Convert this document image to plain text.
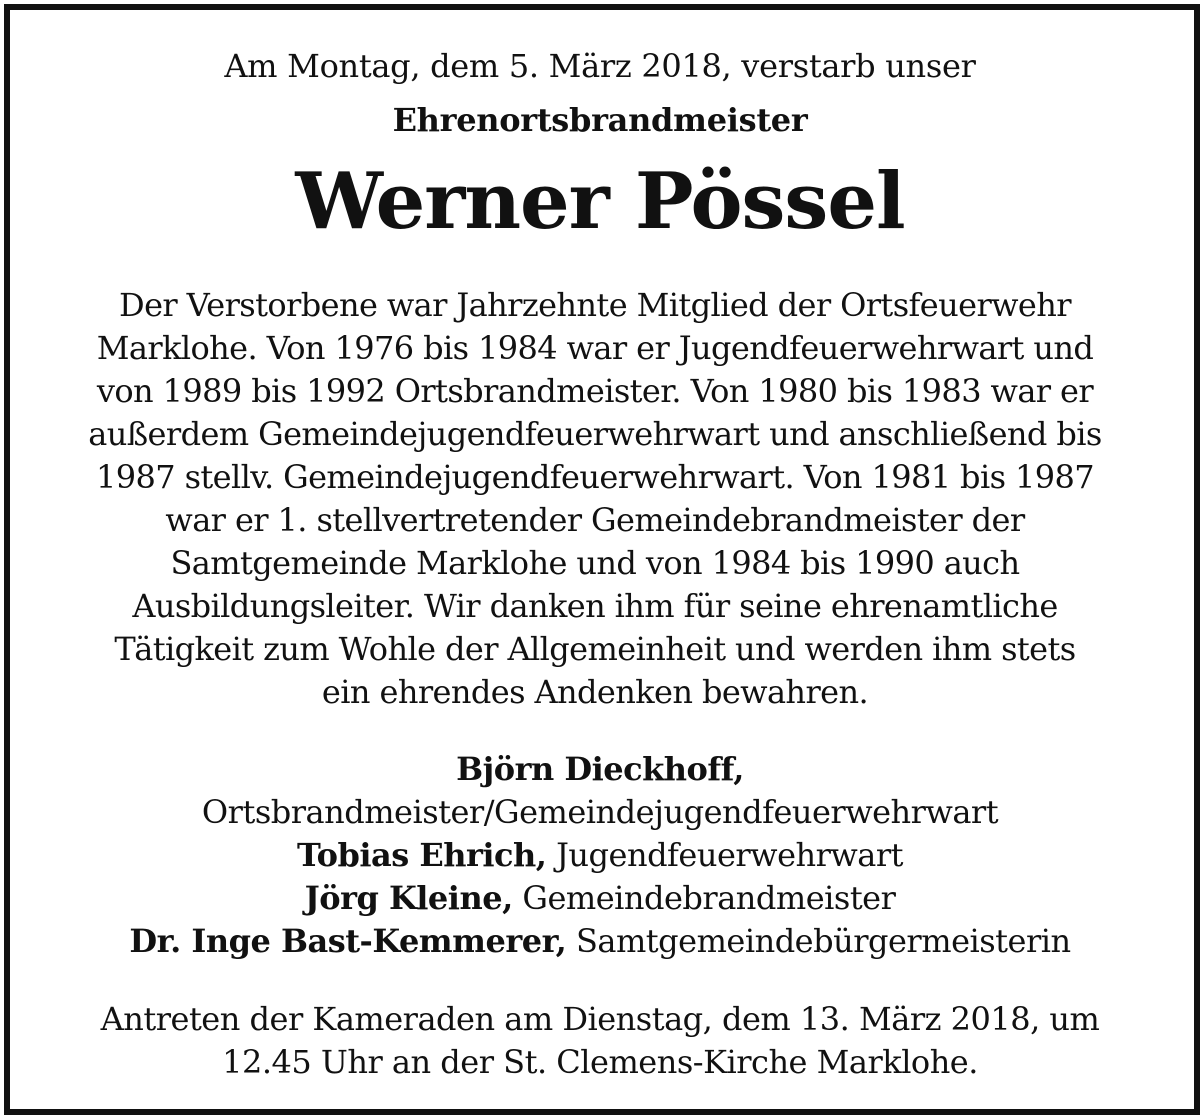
Am Montag, dem 5. März 2018, verstarb unser
Ehrenortsbrandmeister
Werner Pössel
Der Verstorbene war Jahrzehnte Mitglied der Ortsfeuerwehr
Marklohe. Von 1976 bis 1984 war er Jugendfeuerwehrwart und
von 1989 bis 1992 Ortsbrandmeister. Von 1980 bis 1983 war er
außerdem Gemeindejugendfeuerwehrwart und anschließend bis
1987 stellv. Gemeindejugendfeuerwehrwart. Von 1981 bis 1987
war er 1. stellvertretender Gemeindebrandmeister der
Samtgemeinde Marklohe und von 1984 bis 1990 auch
Ausbildungsleiter. Wir danken ihm für seine ehrenamtliche
Tätigkeit zum Wohle der Allgemeinheit und werden ihm stets
ein ehrendes Andenken bewahren.
Björn Dieckhoff,
Ortsbrandmeister/Gemeindejugendfeuerwehrwart
Tobias Ehrich, Jugendfeuerwehrwart
Jörg Kleine, Gemeindebrandmeister
Dr. Inge Bast-Kemmerer, Samtgemeindebürgermeisterin
Antreten der Kameraden am Dienstag, dem 13. März 2018, um
12.45 Uhr an der St. Clemens-Kirche Marklohe.
